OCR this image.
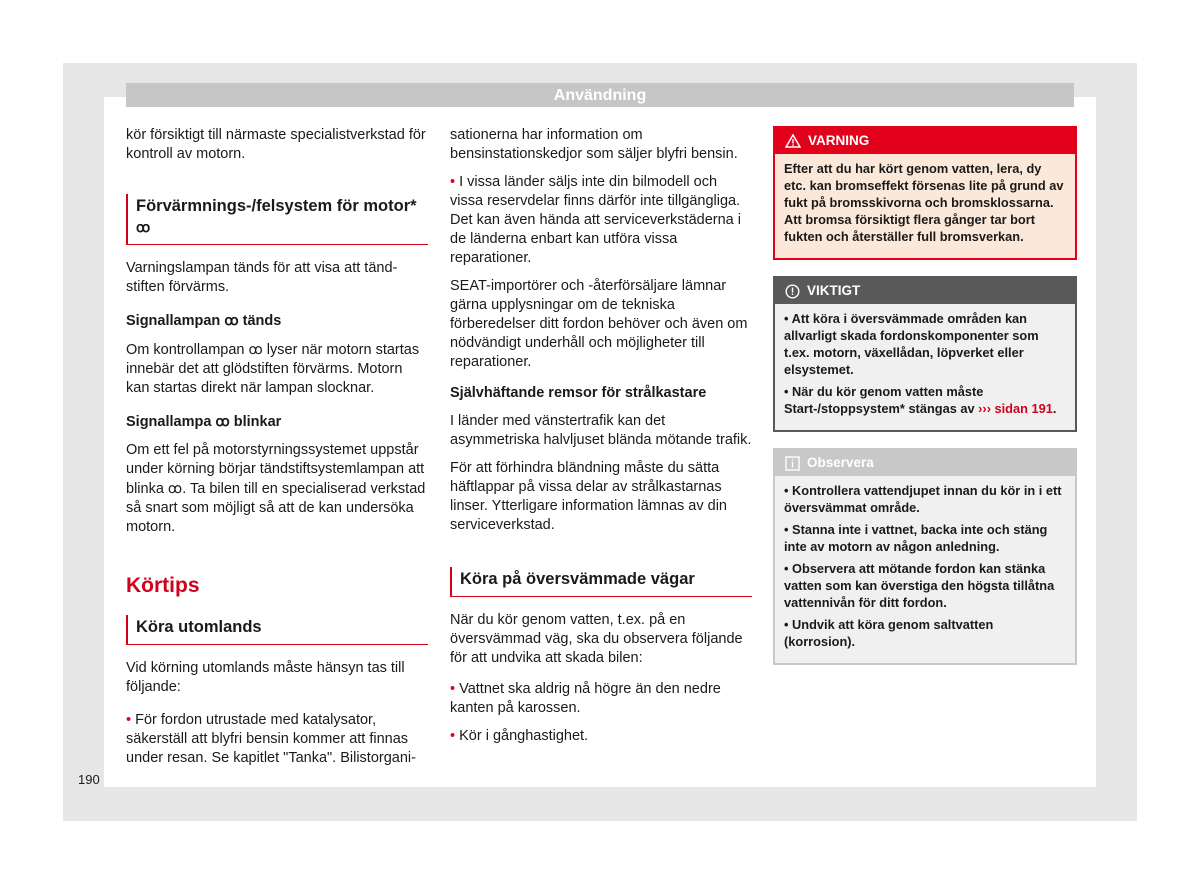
Användning

kör försiktigt till närmaste specialistverkstad för kontroll av motorn.

Förvärmnings-/felsystem för motor*
ꝏ

Varningslampan tänds för att visa att tänd-stiften förvärms.

Signallampan ꝏ tänds

Om kontrollampan ꝏ lyser när motorn startas innebär det att glödstiften förvärms. Motorn kan startas direkt när lampan slocknar.

Signallampa ꝏ blinkar

Om ett fel på motorstyrningssystemet uppstår under körning börjar tändstiftsystemlampan att blinka ꝏ. Ta bilen till en specialiserad verkstad så snart som möjligt så att de kan undersöka motorn.

Körtips
Köra utomlands

Vid körning utomlands måste hänsyn tas till följande:

• För fordon utrustade med katalysator, säkerställ att blyfri bensin kommer att finnas under resan. Se kapitlet "Tanka". Bilistorgani-

sationerna har information om bensinstationskedjor som säljer blyfri bensin.

• I vissa länder säljs inte din bilmodell och vissa reservdelar finns därför inte tillgängliga. Det kan även hända att serviceverkstäderna i de länderna enbart kan utföra vissa reparationer.

SEAT-importörer och -återförsäljare lämnar gärna upplysningar om de tekniska förberedelser ditt fordon behöver och även om nödvändigt underhåll och möjligheter till reparationer.

Självhäftande remsor för strålkastare

I länder med vänstertrafik kan det asymmetriska halvljuset blända mötande trafik.

För att förhindra bländning måste du sätta häftlappar på vissa delar av strålkastarnas linser. Ytterligare information lämnas av din serviceverkstad.

Köra på översvämmade vägar

När du kör genom vatten, t.ex. på en översvämmad väg, ska du observera följande för att undvika att skada bilen:

• Vattnet ska aldrig nå högre än den nedre kanten på karossen.

• Kör i gånghastighet.

VARNING

Efter att du har kört genom vatten, lera, dy etc. kan bromseffekt försenas lite på grund av fukt på bromsskivorna och bromsklossarna. Att bromsa försiktigt flera gånger tar bort fukten och återställer full bromsverkan.

VIKTIGT

• Att köra i översvämmade områden kan allvarligt skada fordonskomponenter som t.ex. motorn, växellådan, löpverket eller elsystemet.

• När du kör genom vatten måste Start-/stoppsystem* stängas av ››› sidan 191.

Observera

• Kontrollera vattendjupet innan du kör in i ett översvämmat område.

• Stanna inte i vattnet, backa inte och stäng inte av motorn av någon anledning.

• Observera att mötande fordon kan stänka vatten som kan överstiga den högsta tillåtna vattennivån för ditt fordon.

• Undvik att köra genom saltvatten (korrosion).

190
